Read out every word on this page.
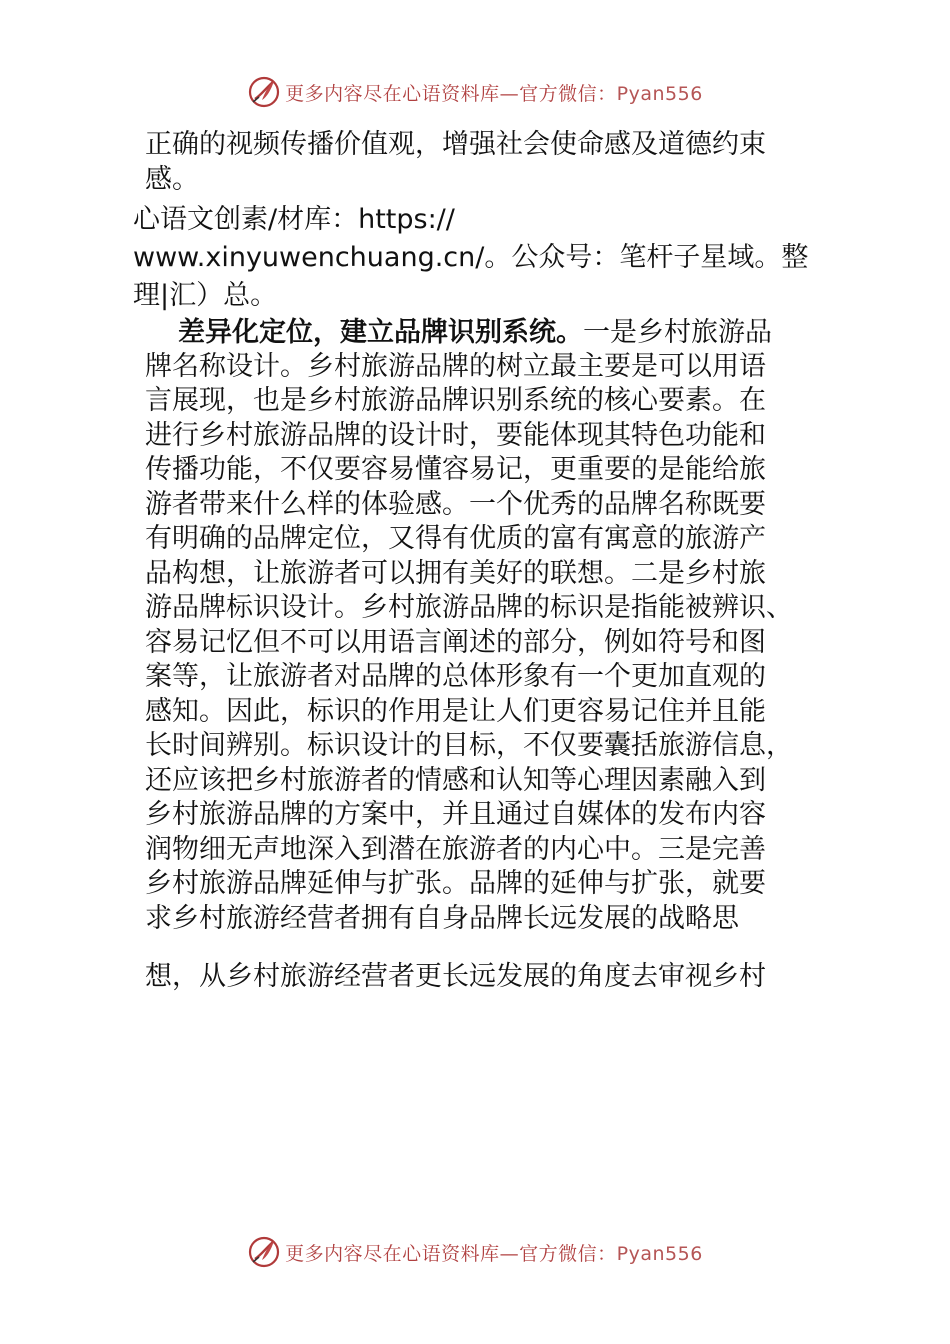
更多内容尽在心语资料库—官方微信：Pyan556
正确的视频传播价值观，增强社会使命感及道德约束
感。
心语文创素/材库：https://
www.xinyuwenchuang.cn/。公众号：笔杆子星域。整
理|汇）总。
差异化定位，建立品牌识别系统。一是乡村旅游品
牌名称设计。乡村旅游品牌的树立最主要是可以用语
言展现，也是乡村旅游品牌识别系统的核心要素。在
进行乡村旅游品牌的设计时，要能体现其特色功能和
传播功能，不仅要容易懂容易记，更重要的是能给旅
游者带来什么样的体验感。一个优秀的品牌名称既要
有明确的品牌定位，又得有优质的富有寓意的旅游产
品构想，让旅游者可以拥有美好的联想。二是乡村旅
游品牌标识设计。乡村旅游品牌的标识是指能被辨识、
容易记忆但不可以用语言阐述的部分，例如符号和图
案等，让旅游者对品牌的总体形象有一个更加直观的
感知。因此，标识的作用是让人们更容易记住并且能
长时间辨别。标识设计的目标，不仅要囊括旅游信息，
还应该把乡村旅游者的情感和认知等心理因素融入到
乡村旅游品牌的方案中，并且通过自媒体的发布内容
润物细无声地深入到潜在旅游者的内心中。三是完善
乡村旅游品牌延伸与扩张。品牌的延伸与扩张，就要
求乡村旅游经营者拥有自身品牌长远发展的战略思
想，从乡村旅游经营者更长远发展的角度去审视乡村
更多内容尽在心语资料库—官方微信：Pyan556
